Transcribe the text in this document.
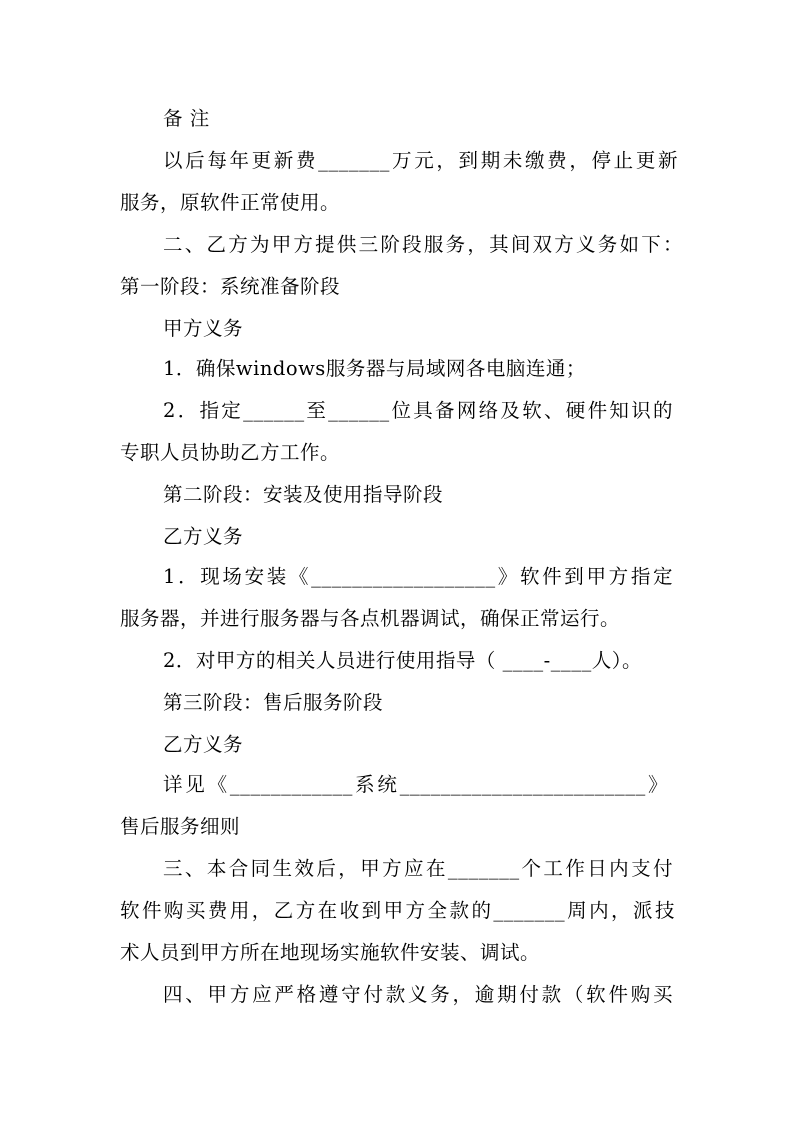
备 注
以后每年更新费_______万元，到期未缴费，停止更新
服务，原软件正常使用。
二、乙方为甲方提供三阶段服务，其间双方义务如下：
第一阶段：系统准备阶段
甲方义务
1．确保windows服务器与局域网各电脑连通；
2．指定______至______位具备网络及软、硬件知识的
专职人员协助乙方工作。
第二阶段：安装及使用指导阶段
乙方义务
1．现场安装《__________________》软件到甲方指定
服务器，并进行服务器与各点机器调试，确保正常运行。
2．对甲方的相关人员进行使用指导（ ____-____人）。
第三阶段：售后服务阶段
乙方义务
详见《____________系统________________________》
售后服务细则
三、本合同生效后，甲方应在_______个工作日内支付
软件购买费用，乙方在收到甲方全款的_______周内，派技
术人员到甲方所在地现场实施软件安装、调试。
四、甲方应严格遵守付款义务，逾期付款（软件购买
